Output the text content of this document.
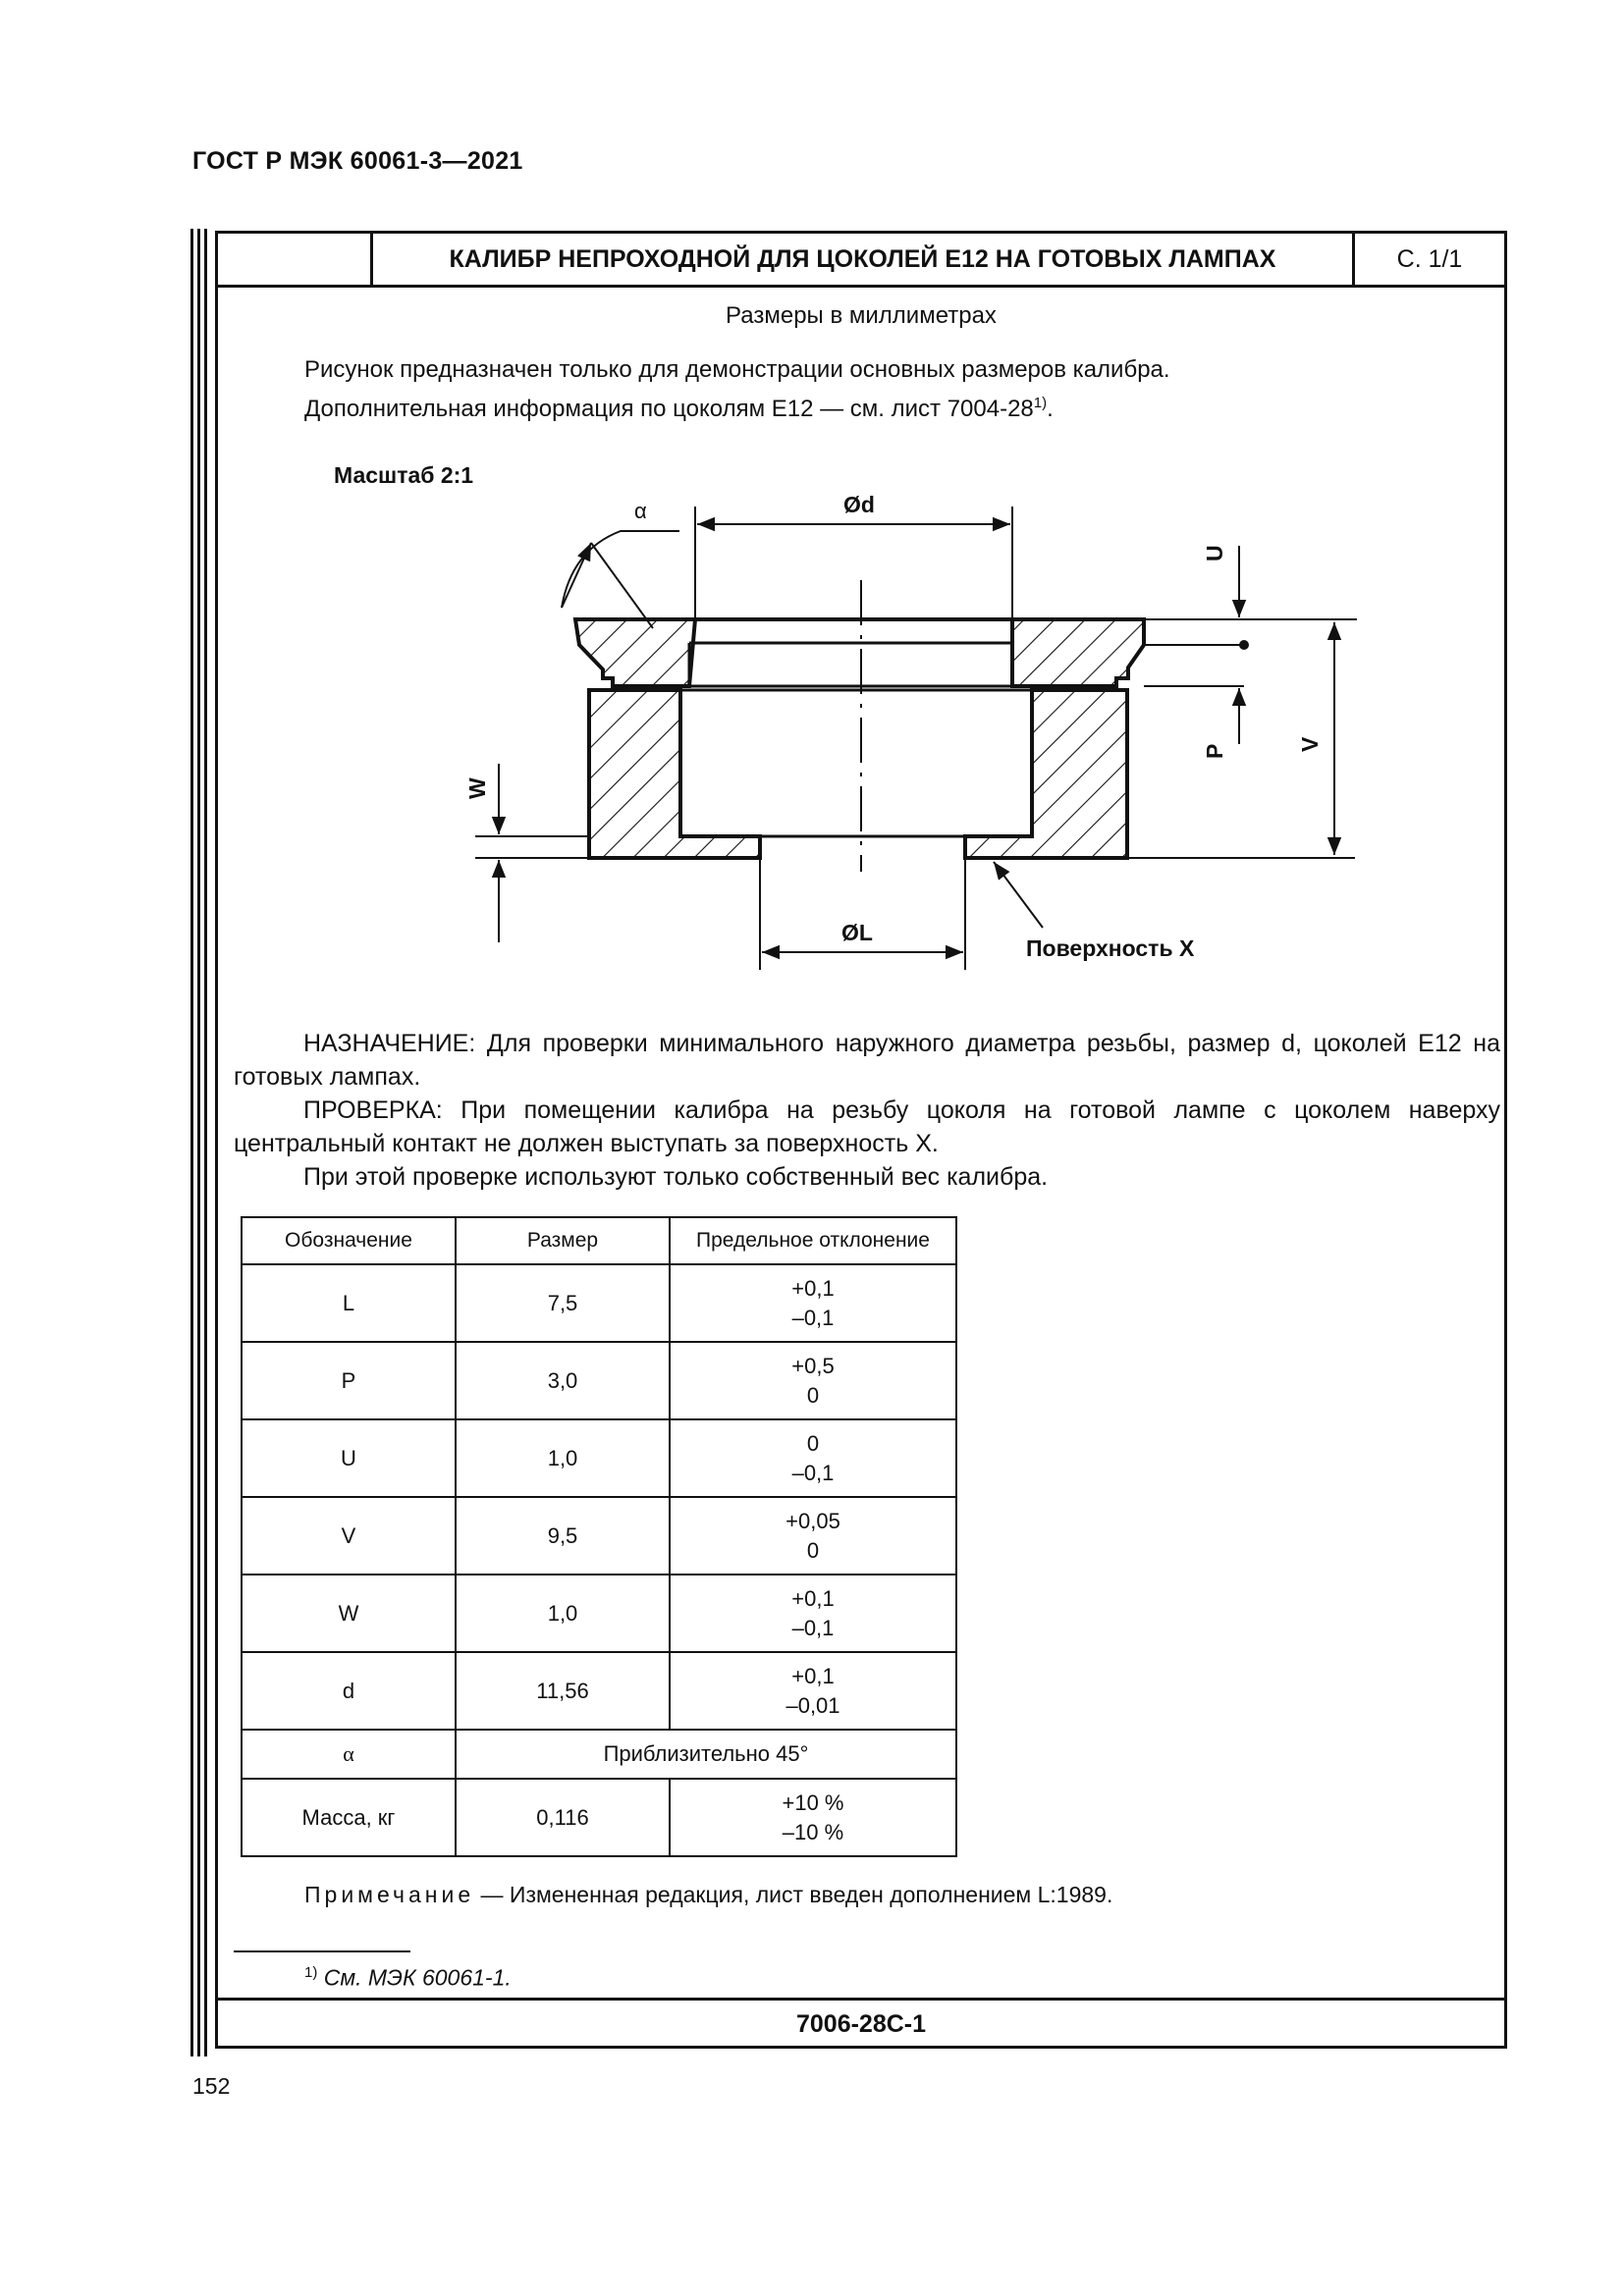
ГОСТ Р МЭК 60061-3—2021
КАЛИБР НЕПРОХОДНОЙ ДЛЯ ЦОКОЛЕЙ Е12 НА ГОТОВЫХ ЛАМПАХ	С. 1/1
Размеры в миллиметрах
Рисунок предназначен только для демонстрации основных размеров калибра.
Дополнительная информация по цоколям Е12 — см. лист 7004-28$^{1)}$.
Масштаб 2:1
α	Ød
U
P	V
W
ØL
Поверхность X

НАЗНАЧЕНИЕ: Для проверки минимального наружного диаметра резьбы, размер d, цоколей Е12 на готовых лампах.

ПРОВЕРКА: При помещении калибра на резьбу цоколя на готовой лампе с цоколем наверху центральный контакт не должен выступать за поверхность X.

При этой проверке используют только собственный вес калибра.

Обозначение	Размер	Предельное отклонение
L	7,5	+0,1
–0,1

P	3,0	+0,5
0

U	1,0	0
–0,1

V	9,5	+0,05
0

W	1,0	+0,1
–0,1

d	11,56	+0,1
–0,01

α	Приблизительно 45°	
Масса, кг	0,116	+10 %
–10 %
Примечание — Измененная редакция, лист введен дополнением L:1989.
$^{1)}$ См. МЭК 60061-1.
7006-28C-1
152
